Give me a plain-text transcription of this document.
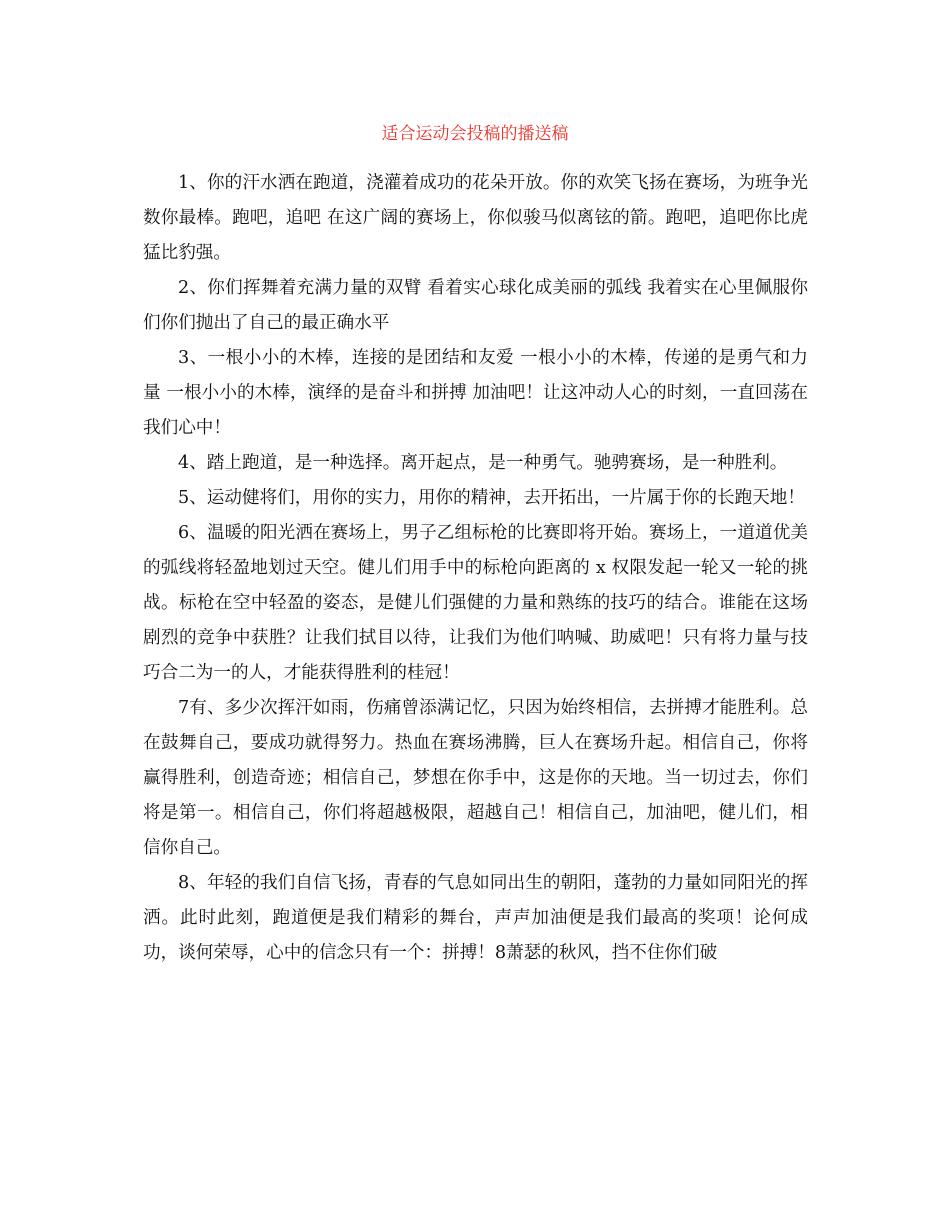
适合运动会投稿的播送稿

1、你的汗水洒在跑道，浇灌着成功的花朵开放。你的欢笑飞扬在赛场，为班争光数你最棒。跑吧，追吧 在这广阔的赛场上，你似骏马似离铉的箭。跑吧，追吧你比虎猛比豹强。

2、你们挥舞着充满力量的双臂 看着实心球化成美丽的弧线 我着实在心里佩服你们你们抛出了自己的最正确水平

3、一根小小的木棒，连接的是团结和友爱 一根小小的木棒，传递的是勇气和力量 一根小小的木棒，演绎的是奋斗和拼搏 加油吧！让这冲动人心的时刻，一直回荡在我们心中！

4、踏上跑道，是一种选择。离开起点，是一种勇气。驰骋赛场，是一种胜利。

5、运动健将们，用你的实力，用你的精神，去开拓出，一片属于你的长跑天地！

6、温暖的阳光洒在赛场上，男子乙组标枪的比赛即将开始。赛场上，一道道优美的弧线将轻盈地划过天空。健儿们用手中的标枪向距离的 x 权限发起一轮又一轮的挑战。标枪在空中轻盈的姿态，是健儿们强健的力量和熟练的技巧的结合。谁能在这场剧烈的竞争中获胜？让我们拭目以待，让我们为他们呐喊、助威吧！只有将力量与技巧合二为一的人，才能获得胜利的桂冠！

7有、多少次挥汗如雨，伤痛曾添满记忆，只因为始终相信，去拼搏才能胜利。总在鼓舞自己，要成功就得努力。热血在赛场沸腾，巨人在赛场升起。相信自己，你将赢得胜利，创造奇迹；相信自己，梦想在你手中，这是你的天地。当一切过去，你们将是第一。相信自己，你们将超越极限，超越自己！相信自己，加油吧，健儿们，相信你自己。

8、年轻的我们自信飞扬，青春的气息如同出生的朝阳，蓬勃的力量如同阳光的挥洒。此时此刻，跑道便是我们精彩的舞台，声声加油便是我们最高的奖项！论何成功，谈何荣辱，心中的信念只有一个：拼搏！8萧瑟的秋风，挡不住你们破
